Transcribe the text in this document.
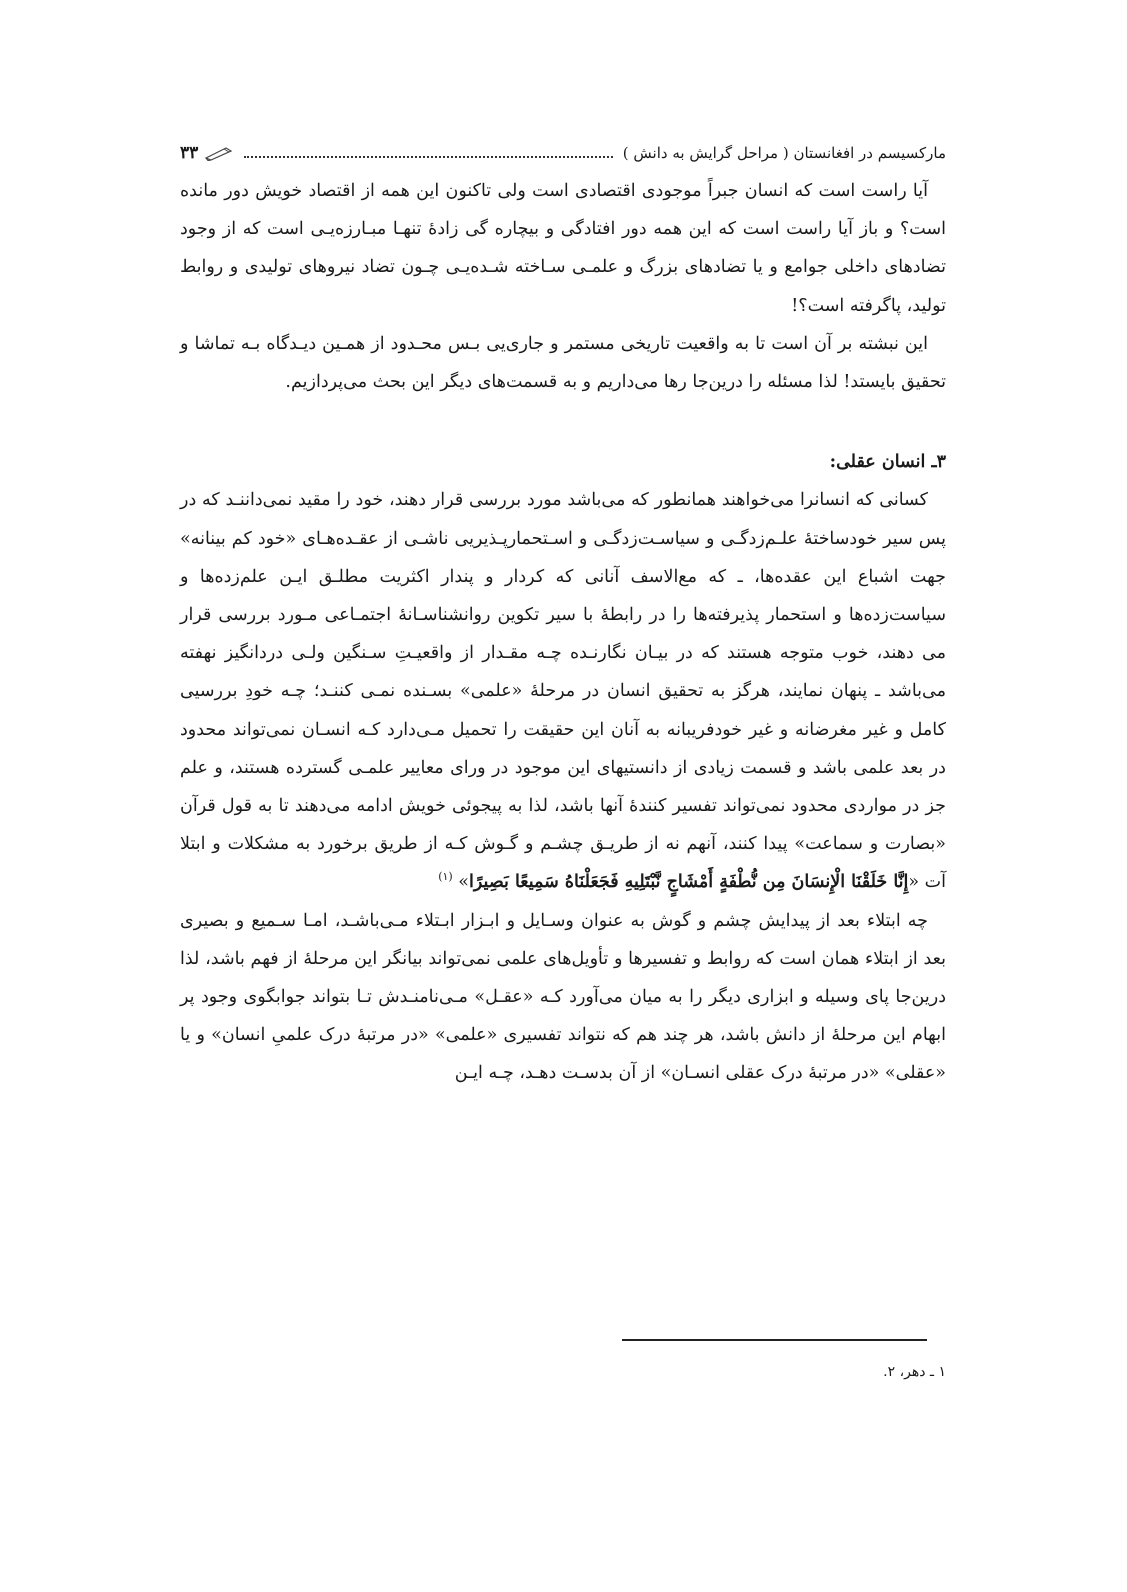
مارکسیسم در افغانستان ( مراحل گرایش به دانش )
۳۳
آیا راست است که انسان جبراً موجودی اقتصادی است ولی تاکنون این همه از اقتصاد خویش دور مانده است؟ و باز آیا راست است که این همه دور افتادگی و بیچاره گی زادهٔ تنهـا مبـارزه‌یـی است که از وجود تضادهای داخلی جوامع و یا تضادهای بزرگ و علمـی سـاخته شـده‌یـی چـون تضاد نیروهای تولیدی و روابط تولید، پاگرفته است؟!
این نبشته بر آن است تا به واقعیت تاریخی مستمر و جاری‌یی بـس محـدود از همـین دیـدگاه بـه تماشا و تحقیق بایستد! لذا مسئله را درین‌جا رها می‌داریم و به قسمت‌های دیگر این بحث می‌پردازیم.
۳ـ انسان عقلی:
کسانی که انسانرا می‌خواهند همانطور که می‌باشد مورد بررسی قرار دهند، خود را مقید نمی‌داننـد که در پس سیر خودساختهٔ علـم‌زدگـی و سیاسـت‌زدگـی و اسـتحمارپـذیریی ناشـی از عقـده‌هـای «خود کم بینانه» جهت اشباع این عقده‌ها، ـ که مع‌الاسف آنانی که کردار و پندار اکثریت مطلـق ایـن علم‌زده‌ها و سیاست‌زده‌ها و استحمار پذیرفته‌ها را در رابطهٔ با سیر تکوین روانشناسـانهٔ اجتمـاعی مـورد بررسی قرار می دهند، خوب متوجه هستند که در بیـان نگارنـده چـه مقـدار از واقعیـتِ سـنگین ولـی دردانگیز نهفته می‌باشد ـ پنهان نمایند، هرگز به تحقیق انسان در مرحلهٔ «علمی» بسـنده نمـی کننـد؛ چـه خودِ بررسیی کامل و غیر مغرضانه و غیر خودفریبانه به آنان این حقیقت را تحمیل مـی‌دارد کـه انسـان نمی‌تواند محدود در بعد علمی باشد و قسمت زیادی از دانستیهای این موجود در ورای معاییر علمـی گسترده هستند، و علم جز در مواردی محدود نمی‌تواند تفسیر کنندهٔ آنها باشد، لذا به پیجوئی خویش ادامه می‌دهند تا به قول قرآن «بصارت و سماعت» پیدا کنند، آنهم نه از طریـق چشـم و گـوش کـه از طریق برخورد به مشکلات و ابتلا آت «إِنَّا خَلَقْنَا الْإِنسَانَ مِن نُّطْفَةٍ أَمْشَاجٍ نَّبْتَلِيهِ فَجَعَلْنَاهُ سَمِيعًا بَصِيرًا» $^{(۱)}$
چه ابتلاء بعد از پیدایش چشم و گوش به عنوان وسـایل و ابـزار ابـتلاء مـی‌باشـد، امـا سـمیع و بصیری بعد از ابتلاء همان است که روابط و تفسیرها و تأویل‌های علمی نمی‌تواند بیانگر این مرحلهٔ از فهم باشد، لذا درین‌جا پای وسیله و ابزاری دیگر را به میان می‌آورد کـه «عقـل» مـی‌نامنـدش تـا بتواند جوابگوی وجود پر ابهام این مرحلهٔ از دانش باشد، هر چند هم که نتواند تفسیری «علمی» «در مرتبهٔ درک علمیِ انسان» و یا «عقلی» «در مرتبهٔ درک عقلی انسـان» از آن بدسـت دهـد، چـه ایـن
۱ ـ دهر، ۲.
